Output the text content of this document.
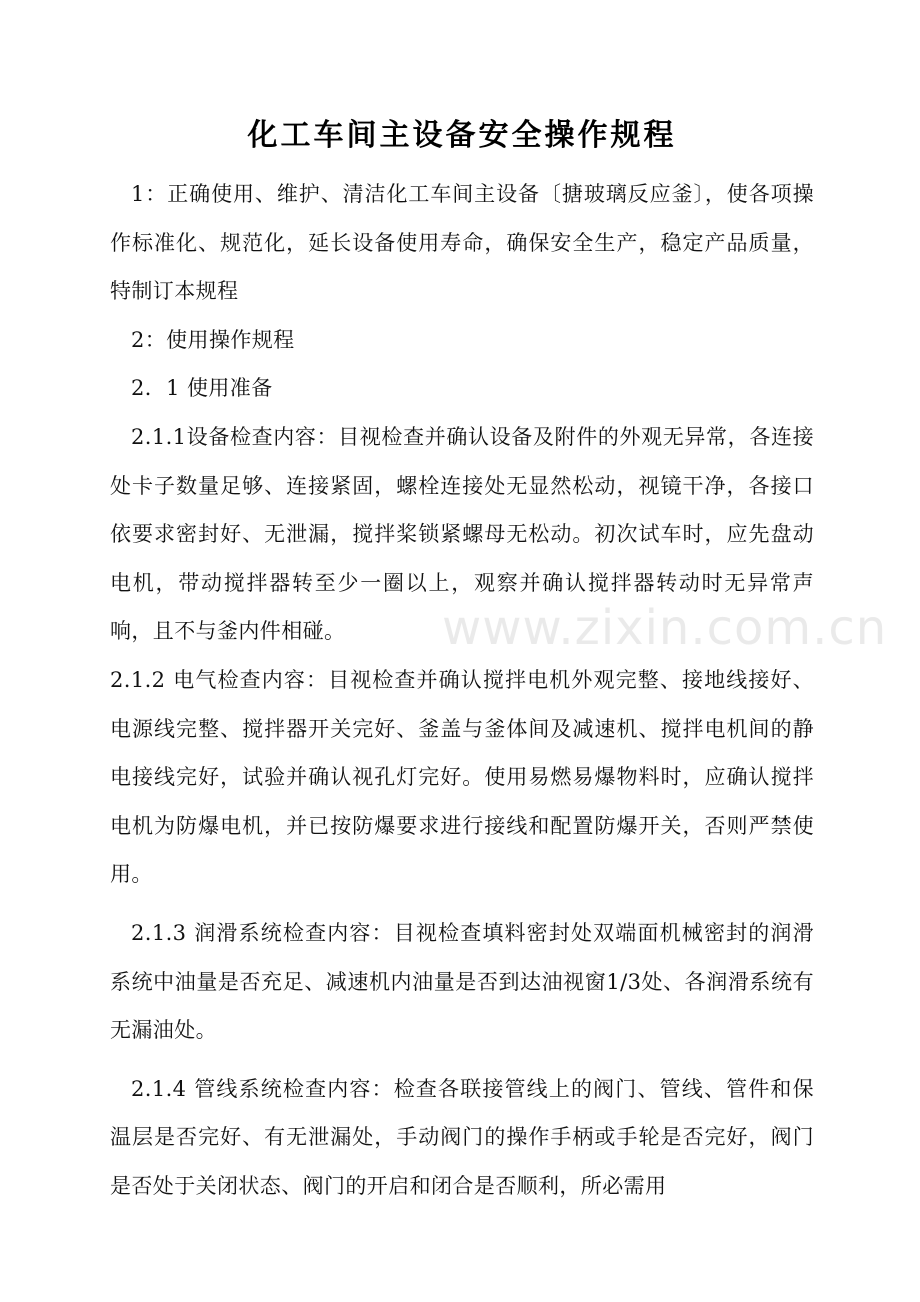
化工车间主设备安全操作规程

1：正确使用、维护、清洁化工车间主设备〔搪玻璃反应釜〕，使各项操作标准化、规范化，延长设备使用寿命，确保安全生产，稳定产品质量，特制订本规程

2：使用操作规程

2．1 使用准备

2.1.1设备检查内容：目视检查并确认设备及附件的外观无异常，各连接处卡子数量足够、连接紧固，螺栓连接处无显然松动，视镜干净，各接口依要求密封好、无泄漏，搅拌桨锁紧螺母无松动。初次试车时，应先盘动电机，带动搅拌器转至少一圈以上，观察并确认搅拌器转动时无异常声响，且不与釜内件相碰。

2.1.2 电气检查内容：目视检查并确认搅拌电机外观完整、接地线接好、电源线完整、搅拌器开关完好、釜盖与釜体间及减速机、搅拌电机间的静电接线完好，试验并确认视孔灯完好。使用易燃易爆物料时，应确认搅拌电机为防爆电机，并已按防爆要求进行接线和配置防爆开关，否则严禁使用。

2.1.3 润滑系统检查内容：目视检查填料密封处双端面机械密封的润滑系统中油量是否充足、减速机内油量是否到达油视窗1/3处、各润滑系统有无漏油处。

2.1.4 管线系统检查内容：检查各联接管线上的阀门、管线、管件和保温层是否完好、有无泄漏处，手动阀门的操作手柄或手轮是否完好，阀门是否处于关闭状态、阀门的开启和闭合是否顺利，所必需用

www.zixin.com.cn
